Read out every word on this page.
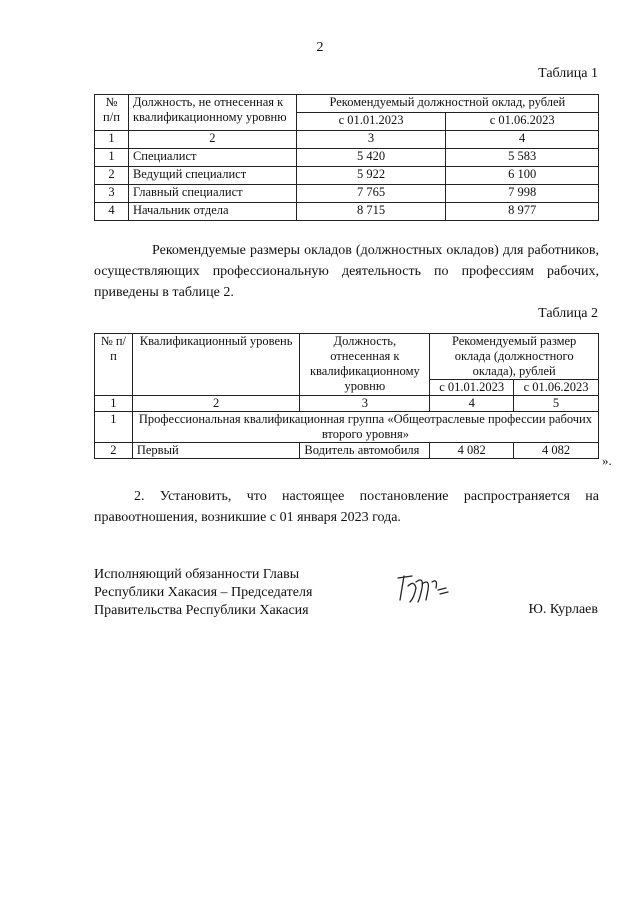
2
Таблица 1
№ п/п	Должность, не отнесенная к квалификационному уровню	Рекомендуемый должностной оклад, рублей	
		с 01.01.2023	с 01.06.2023
1	2	3	4
1	Специалист	5 420	5 583
2	Ведущий специалист	5 922	6 100
3	Главный специалист	7 765	7 998
4	Начальник отдела	8 715	8 977
Рекомендуемые размеры окладов (должностных окладов) для работников, осуществляющих профессиональную деятельность по профессиям рабочих, приведены в таблице 2.
Таблица 2
№ п/п	Квалификационный уровень	Должность, отнесенная к квалификационному уровню	Рекомендуемый размер оклада (должностного оклада), рублей	
			с 01.01.2023	с 01.06.2023
1	2	3	4	5
1	Профессиональная квалификационная группа «Общеотраслевые профессии рабочих второго уровня»			
2	Первый	Водитель автомобиля	4 082	4 082
».
2. Установить, что настоящее постановление распространяется на правоотношения, возникшие с 01 января 2023 года.
Исполняющий обязанности Главы
Республики Хакасия – Председателя
Правительства Республики Хакасия	Ю. Курлаев
